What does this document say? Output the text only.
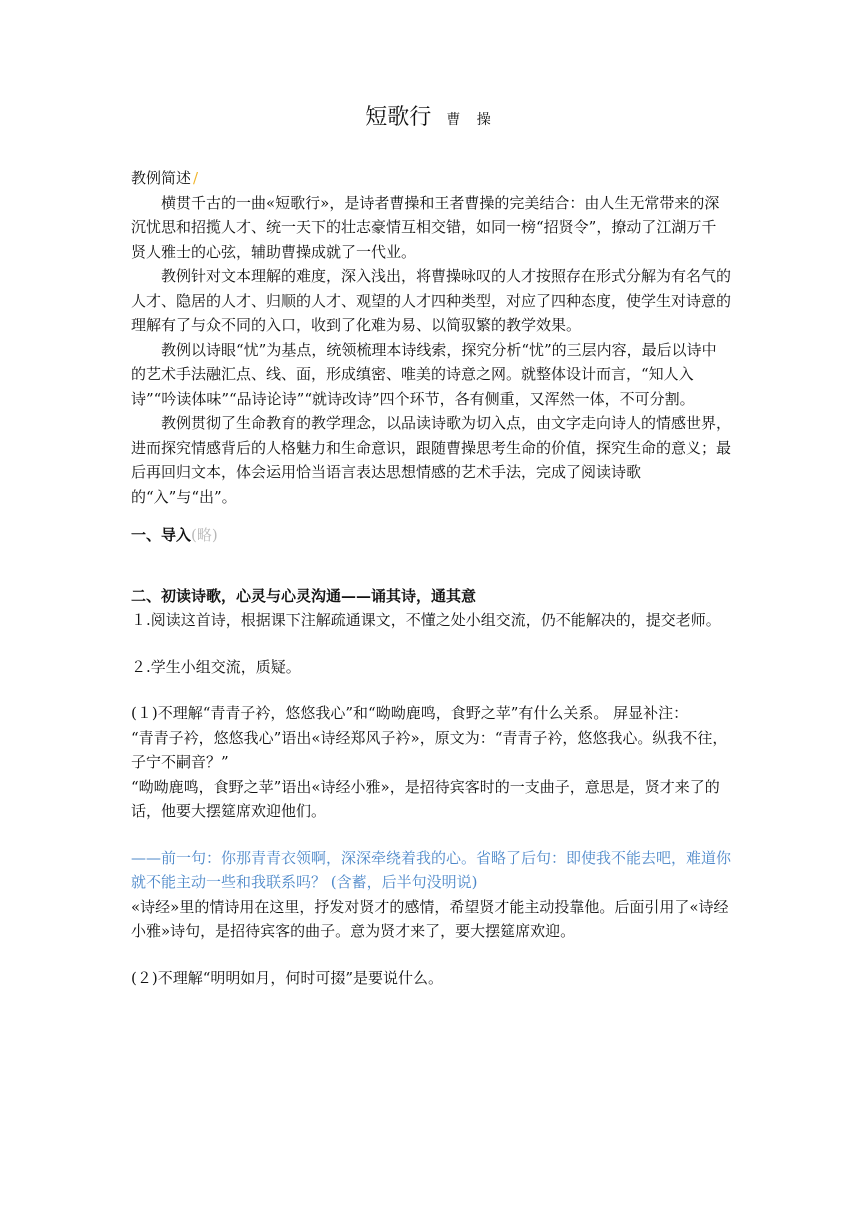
短歌行 曹 操
教例简述 /

横贯千古的一曲«短歌行»，是诗者曹操和王者曹操的完美结合：由人生无常带来的深沉忧思和招揽人才、统一天下的壮志豪情互相交错，如同一榜“招贤令”，撩动了江湖万千贤人雅士的心弦，辅助曹操成就了一代业。

教例针对文本理解的难度，深入浅出，将曹操咏叹的人才按照存在形式分解为有名气的人才、隐居的人才、归顺的人才、观望的人才四种类型，对应了四种态度，使学生对诗意的理解有了与众不同的入口，收到了化难为易、以简驭繁的教学效果。

教例以诗眼“忧”为基点，统领梳理本诗线索，探究分析“忧”的三层内容，最后以诗中的艺术手法融汇点、线、面，形成缜密、唯美的诗意之网。就整体设计而言，“知人入诗”“吟读体味”“品诗论诗”“就诗改诗”四个环节，各有侧重，又浑然一体，不可分割。

教例贯彻了生命教育的教学理念，以品读诗歌为切入点，由文字走向诗人的情感世界，进而探究情感背后的人格魅力和生命意识，跟随曹操思考生命的价值，探究生命的意义；最后再回归文本，体会运用恰当语言表达思想情感的艺术手法，完成了阅读诗歌的“入”与“出”。

一、导入(略)

二、初读诗歌，心灵与心灵沟通——诵其诗，通其意

１.阅读这首诗，根据课下注解疏通课文，不懂之处小组交流，仍不能解决的，提交老师。

２.学生小组交流，质疑。

(１)不理解“青青子衿，悠悠我心”和“呦呦鹿鸣，食野之苹”有什么关系。 屏显补注：

“青青子衿，悠悠我心”语出«诗经郑风子衿»，原文为：“青青子衿，悠悠我心。纵我不往，子宁不嗣音？”

“呦呦鹿鸣，食野之苹”语出«诗经小雅»，是招待宾客时的一支曲子，意思是，贤才来了的话，他要大摆筵席欢迎他们。

——前一句：你那青青衣领啊，深深牵绕着我的心。省略了后句：即使我不能去吧，难道你就不能主动一些和我联系吗？ (含蓄，后半句没明说)

«诗经»里的情诗用在这里，抒发对贤才的感情，希望贤才能主动投靠他。后面引用了«诗经小雅»诗句，是招待宾客的曲子。意为贤才来了，要大摆筵席欢迎。

(２)不理解“明明如月，何时可掇”是要说什么。
